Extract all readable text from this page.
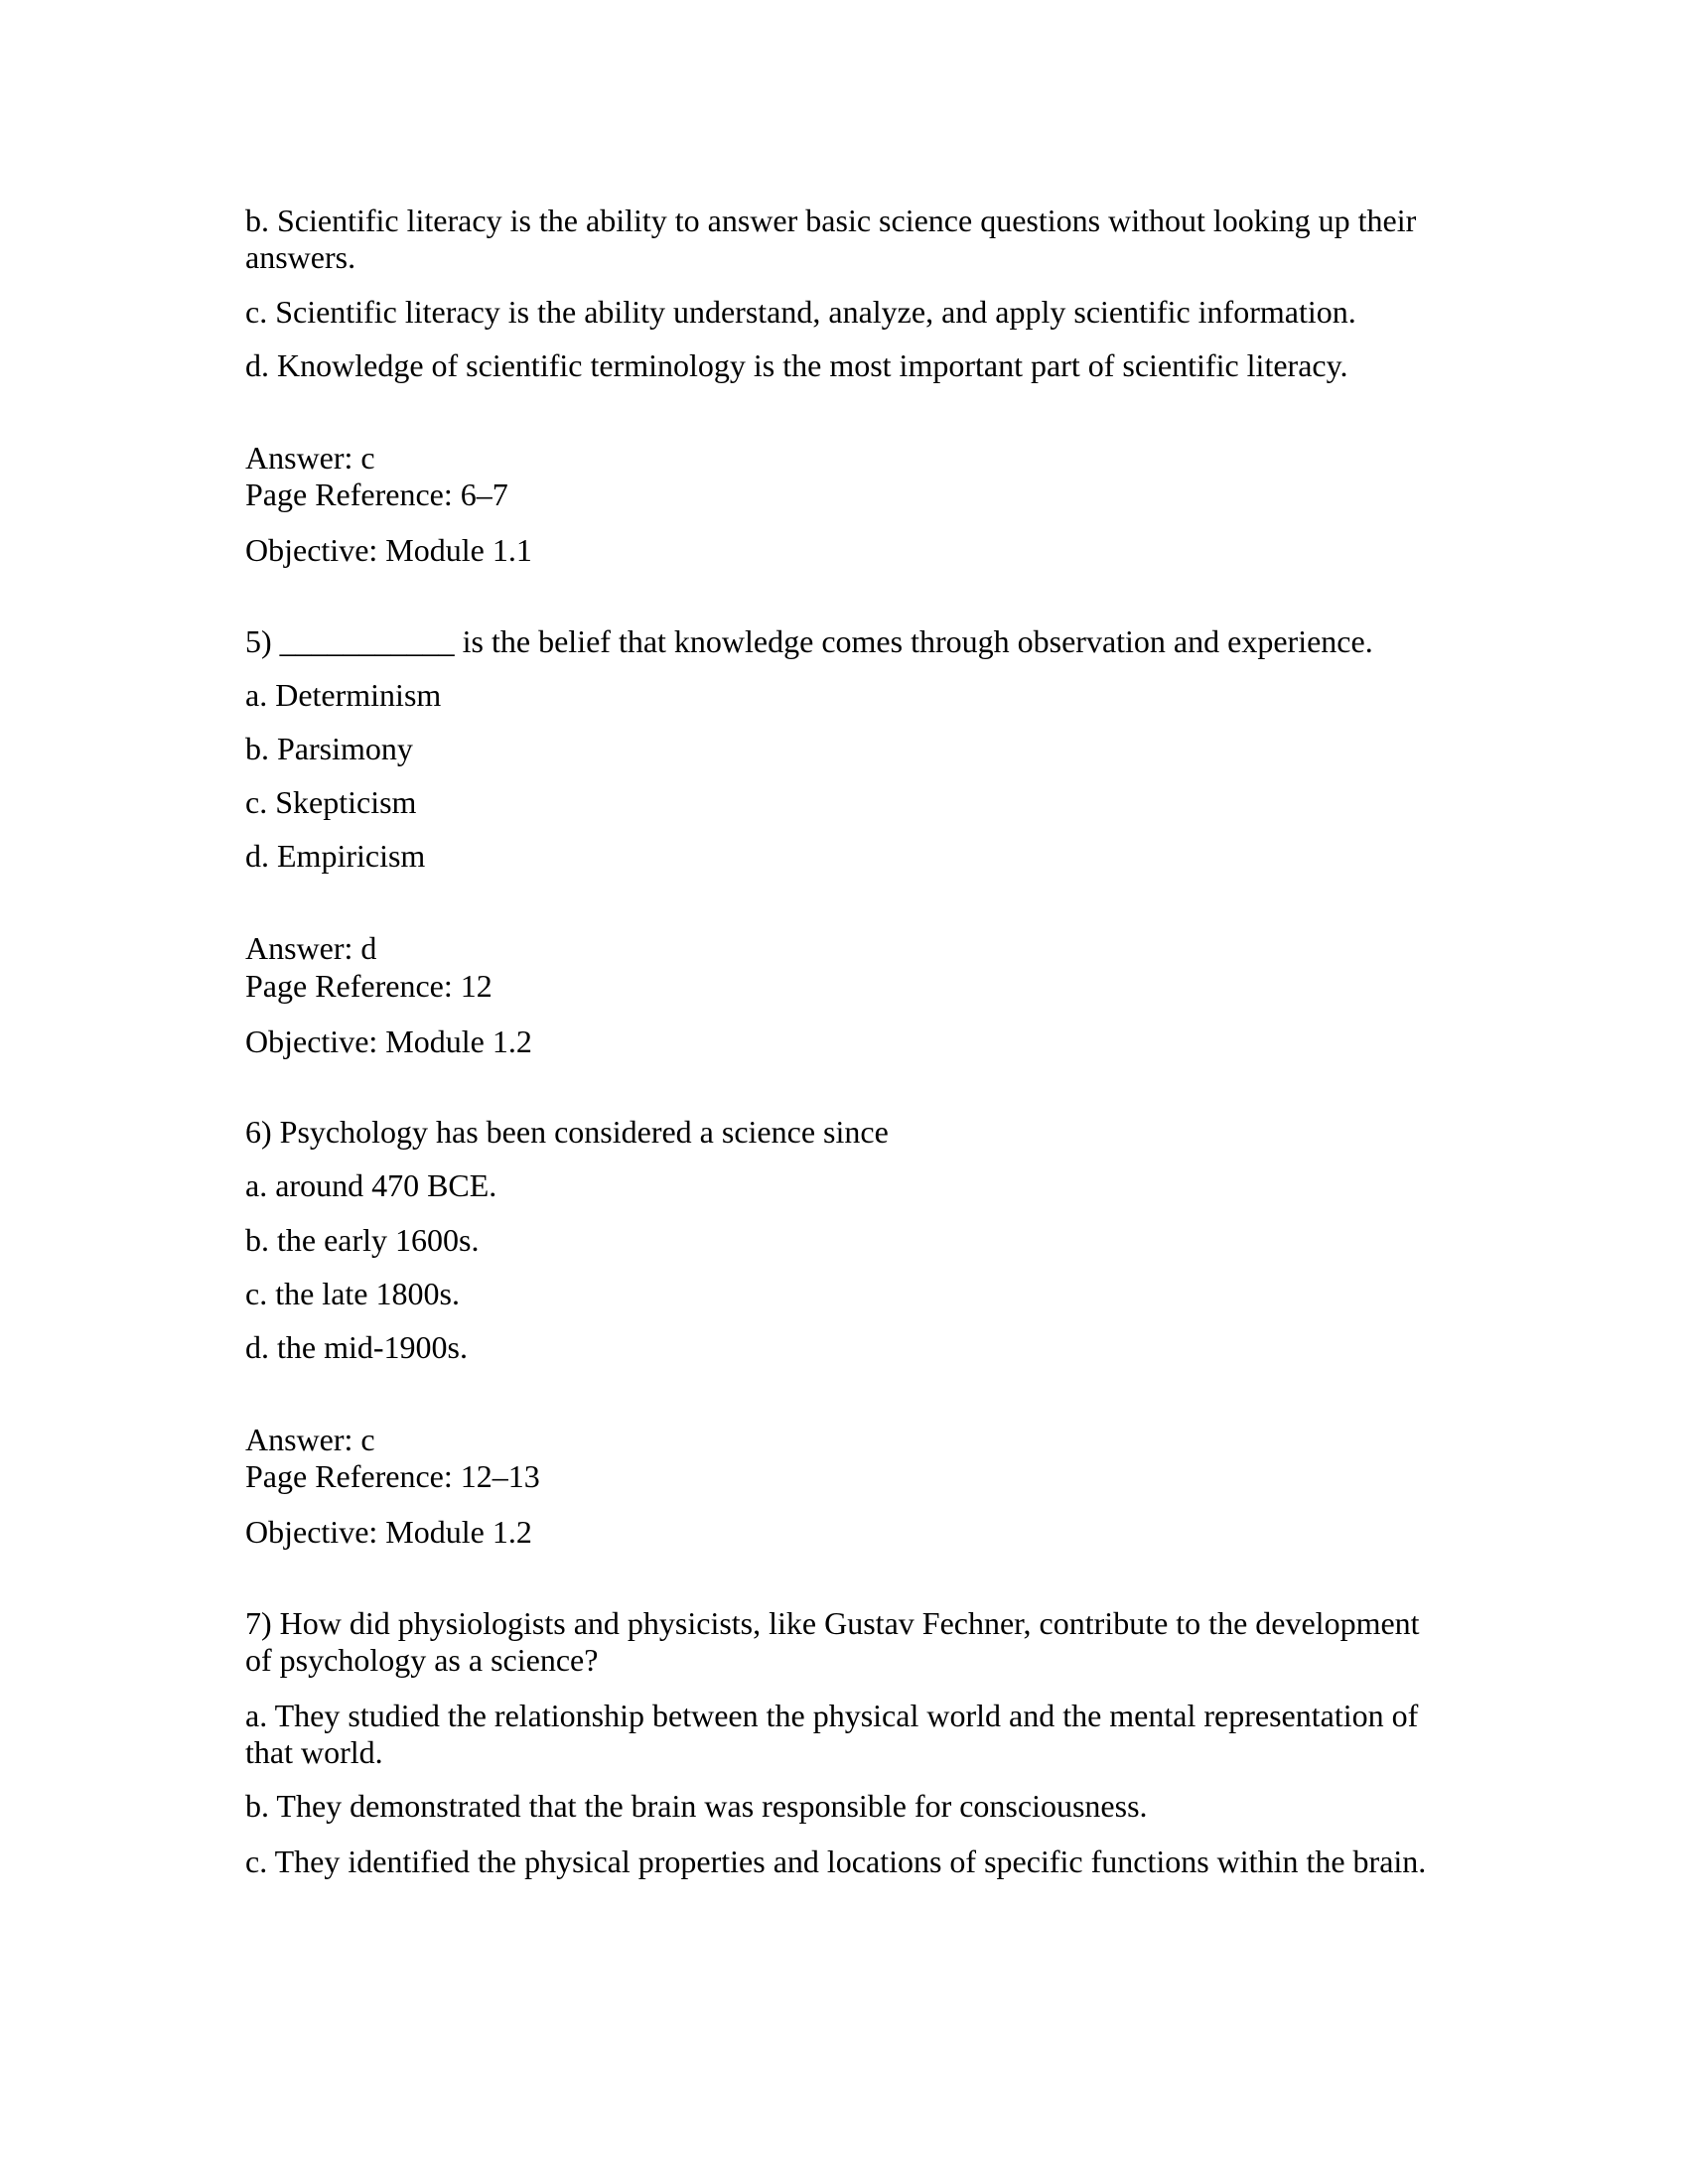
b. Scientific literacy is the ability to answer basic science questions without looking up their answers.

c. Scientific literacy is the ability understand, analyze, and apply scientific information.

d. Knowledge of scientific terminology is the most important part of scientific literacy.

Answer: c

Page Reference: 6–7

Objective: Module 1.1

5) ___________ is the belief that knowledge comes through observation and experience.

a. Determinism

b. Parsimony

c. Skepticism

d. Empiricism

Answer: d

Page Reference: 12

Objective: Module 1.2

6) Psychology has been considered a science since

a. around 470 BCE.

b. the early 1600s.

c. the late 1800s.

d. the mid-1900s.

Answer: c

Page Reference: 12–13

Objective: Module 1.2

7) How did physiologists and physicists, like Gustav Fechner, contribute to the development of psychology as a science?

a. They studied the relationship between the physical world and the mental representation of that world.

b. They demonstrated that the brain was responsible for consciousness.

c. They identified the physical properties and locations of specific functions within the brain.
